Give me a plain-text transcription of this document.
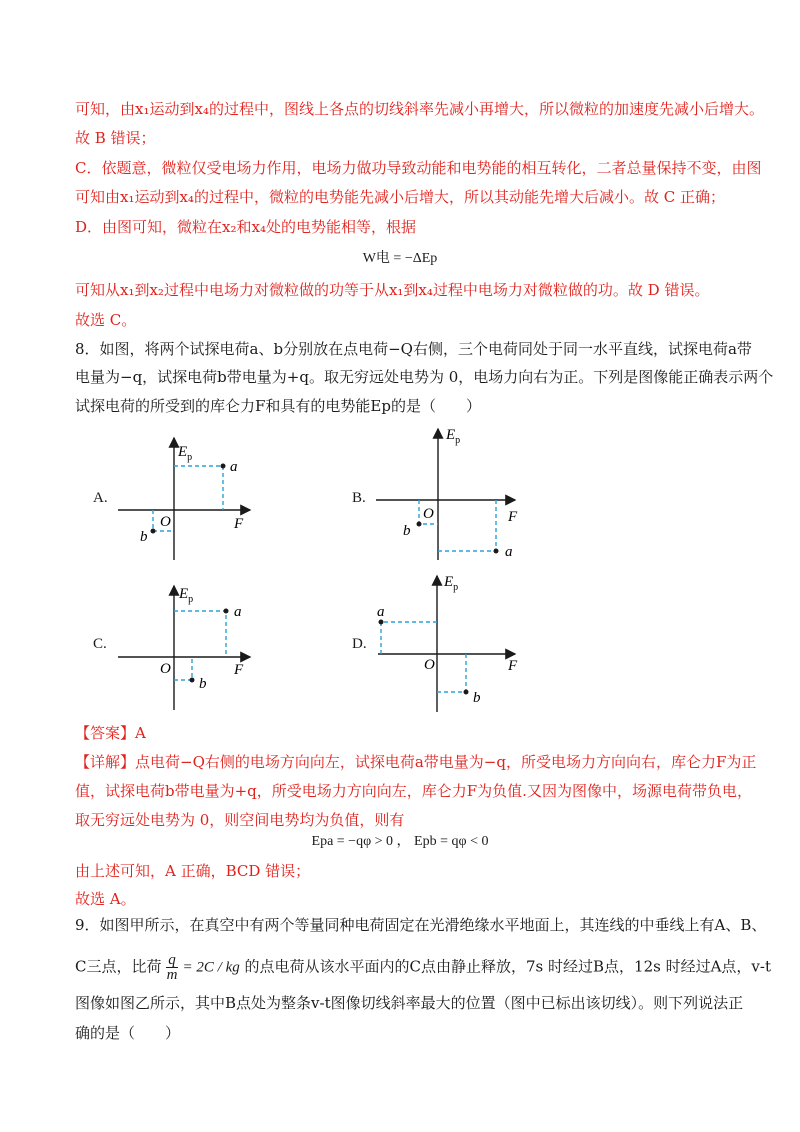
可知，由x₁运动到x₄的过程中，图线上各点的切线斜率先减小再增大，所以微粒的加速度先减小后增大。
故 B 错误；
C．依题意，微粒仅受电场力作用，电场力做功导致动能和电势能的相互转化，二者总量保持不变，由图
可知由x₁运动到x₄的过程中，微粒的电势能先减小后增大，所以其动能先增大后减小。故 C 正确；
D．由图可知，微粒在x₂和x₄处的电势能相等，根据
W电 = −ΔEp
可知从x₁到x₂过程中电场力对微粒做的功等于从x₁到x₄过程中电场力对微粒做的功。故 D 错误。
故选 C。
8．如图，将两个试探电荷a、b分别放在点电荷−Q右侧，三个电荷同处于同一水平直线，试探电荷a带
电量为−q，试探电荷b带电量为+q。取无穷远处电势为 0，电场力向右为正。下列是图像能正确表示两个
试探电荷的所受到的库仑力F和具有的电势能Ep的是（　　）
A.	B.
C.	D.
$E_p$
F
O
a
b
$E_p$
F
O
b
a
$E_p$
F
O
a
b
$E_p$
F
O
a
b
【答案】A
【详解】点电荷−Q右侧的电场方向向左，试探电荷a带电量为−q，所受电场力方向向右，库仑力F为正
值，试探电荷b带电量为+q，所受电场力方向向左，库仑力F为负值.又因为图像中，场源电荷带负电，
取无穷远处电势为 0，则空间电势均为负值，则有
Epa = −qφ > 0 ， Epb = qφ < 0
由上述可知，A 正确，BCD 错误；
故选 A。
9．如图甲所示，在真空中有两个等量同种电荷固定在光滑绝缘水平地面上，其连线的中垂线上有A、B、
C三点，比荷 $\frac{q}{m} = 2C$ / kg 的点电荷从该水平面内的C点由静止释放，7s 时经过B点，12s 时经过A点，v-t
图像如图乙所示，其中B点处为整条v-t图像切线斜率最大的位置（图中已标出该切线）。则下列说法正
确的是（　　）
